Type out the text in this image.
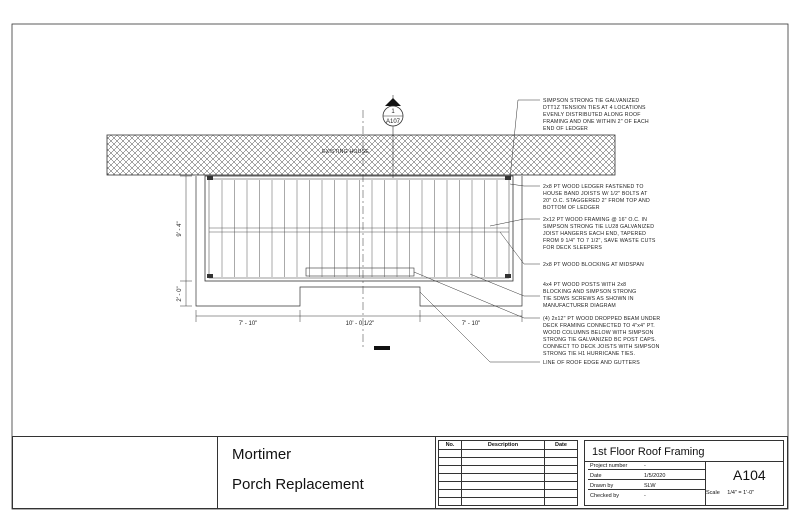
EXISTING HOUSE
1
A107
7' - 10"	10' - 0 1/2"	7' - 10"
9' - 4"
2' - 0"
SIMPSON STRONG TIE GALVANIZED
DTT1Z TENSION TIES AT 4 LOCATIONS
EVENLY DISTRIBUTED ALONG ROOF
FRAMING AND ONE WITHIN 2" OF EACH
END OF LEDGER
2x8 PT WOOD LEDGER FASTENED TO
HOUSE BAND JOISTS W/ 1/2" BOLTS AT
20" O.C. STAGGERED 2" FROM TOP AND
BOTTOM OF LEDGER
2x12 PT WOOD FRAMING @ 16" O.C. IN
SIMPSON STRONG TIE LU28 GALVANIZED
JOIST HANGERS EACH END, TAPERED
FROM 9 1/4" TO 7 1/2", SAVE WASTE CUTS
FOR DECK SLEEPERS
2x8 PT WOOD BLOCKING AT MIDSPAN
4x4 PT WOOD POSTS WITH 2x8
BLOCKING AND SIMPSON STRONG
TIE SDWS SCREWS AS SHOWN IN
MANUFACTURER DIAGRAM
(4) 2x12" PT WOOD DROPPED BEAM UNDER
DECK FRAMING CONNECTED TO 4"x4" PT.
WOOD COLUMNS BELOW WITH SIMPSON
STRONG TIE GALVANIZED BC POST CAPS.
CONNECT TO DECK JOISTS WITH SIMPSON
STRONG TIE H1 HURRICANE TIES.
LINE OF ROOF EDGE AND GUTTERS
Mortimer
Porch Replacement
No.	Description	Date

1st Floor Roof Framing
A104
Project number	-
Date	1/5/2020
Drawn by	SLW
Checked by	-	Scale 1/4" = 1'-0"
